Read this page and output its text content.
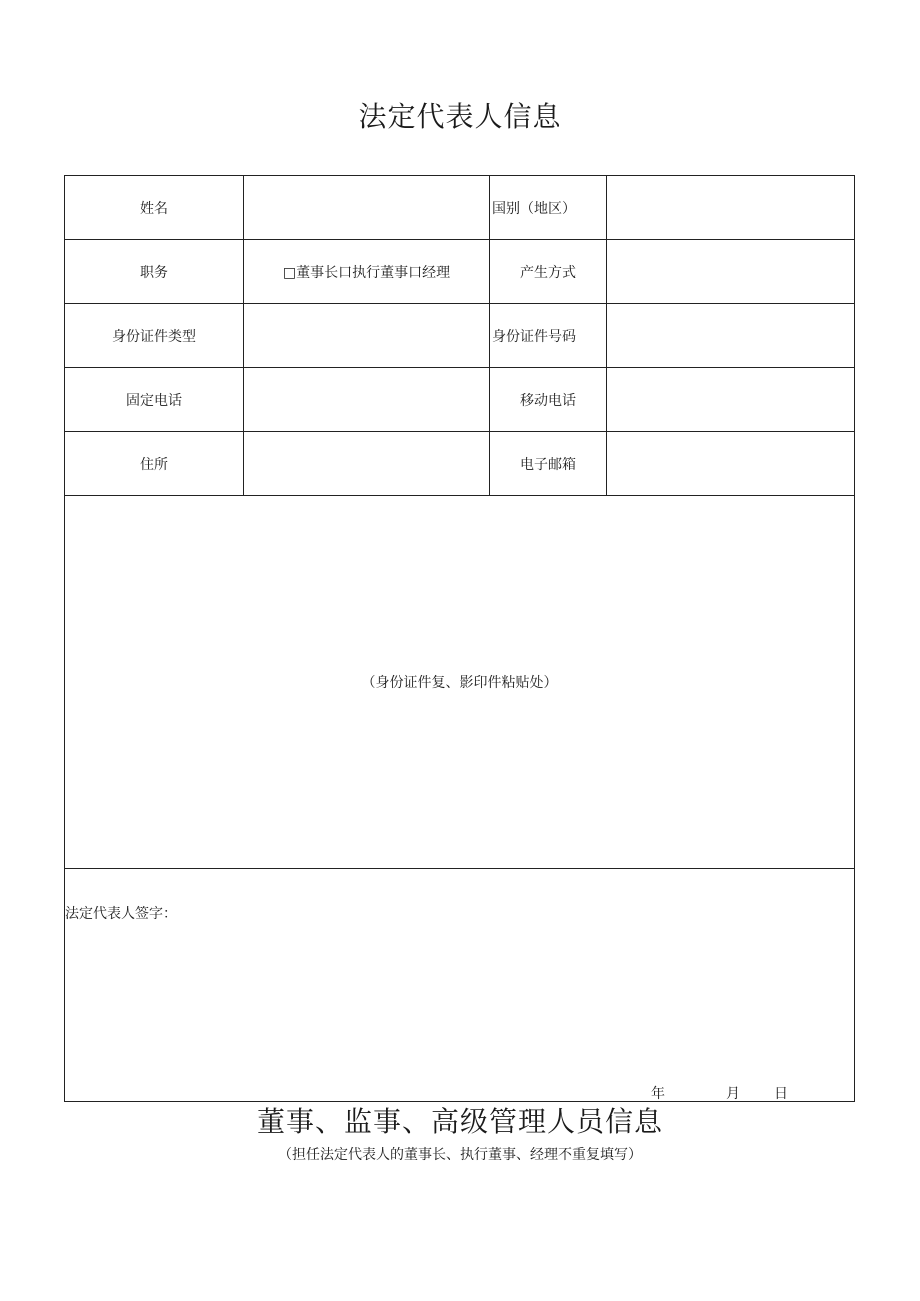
法定代表人信息
姓名		国别（地区）	
职务	□董事长口执行董事口经理	产生方式	
身份证件类型		身份证件号码	
固定电话		移动电话	
住所		电子邮箱	
（身份证件复、影印件粘贴处）			

法定代表人签字：
年 月 日			
董事、监事、高级管理人员信息
（担任法定代表人的董事长、执行董事、经理不重复填写）
